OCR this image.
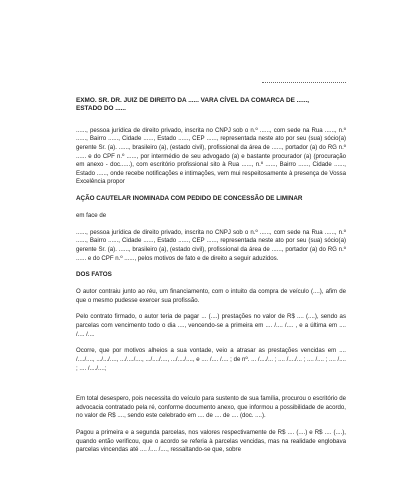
EXMO. SR. DR. JUIZ DE DIREITO DA ...... VARA CÍVEL DA COMARCA DE ......,
ESTADO DO ......

......, pessoa jurídica de direito privado, inscrita no CNPJ sob o n.º ......, com sede na Rua ......, n.º ......, Bairro ......, Cidade ......, Estado ......, CEP ......, representada neste ato por seu (sua) sócio(a) gerente Sr. (a). ......, brasileiro (a), (estado civil), profissional da área de ......, portador (a) do RG n.º ...... e do CPF n.º ......, por intermédio de seu advogado (a) e bastante procurador (a) (procuração em anexo - doc......), com escritório profissional sito à Rua ......, n.º ......, Bairro ......, Cidade ......, Estado ......, onde recebe notificações e intimações, vem mui respeitosamente à presença de Vossa Excelência propor

AÇÃO CAUTELAR INOMINADA COM PEDIDO DE CONCESSÃO DE LIMINAR

em face de

......, pessoa jurídica de direito privado, inscrita no CNPJ sob o n.º ......, com sede na Rua ......, n.º ......, Bairro ......, Cidade ......, Estado ......, CEP ......, representada neste ato por seu (sua) sócio(a) gerente Sr. (a). ......, brasileiro (a), (estado civil), profissional da área de ......, portador (a) do RG n.º ...... e do CPF n.º ......, pelos motivos de fato e de direito a seguir aduzidos.

DOS FATOS

O autor contraiu junto ao réu, um financiamento, com o intuito da compra de veículo (....), afim de que o mesmo pudesse exercer sua profissão.

Pelo contrato firmado, o autor teria de pagar ... (....) prestações no valor de R$ .... (....), sendo as parcelas com vencimento todo o dia ...., vencendo-se a primeira em .... /.... /.... , e a última em .... /.... /....

Ocorre, que por motivos alheios a sua vontade, veio a atrasar as prestações vencidas em .... /..../...., .../.../...., .../..../...., .../..../...., .../..../...., e .... /.... /.... ; de nº. ... /..../... ; .... /..../... ; .... /.... ; .... /.... ; .... /..../....;

Em total desespero, pois necessita do veículo para sustento de sua família, procurou o escritório de advocacia contratado pela ré, conforme documento anexo, que informou a possibilidade de acordo, no valor de R$ ...., sendo este celebrado em .... de .... de .... (doc. ....).

Pagou a primeira e a segunda parcelas, nos valores respectivamente de R$ .... (....) e R$ .... (....), quando então verificou, que o acordo se referia à parcelas vencidas, mas na realidade englobava parcelas vincendas até .... /.... /...., ressaltando-se que, sobre
